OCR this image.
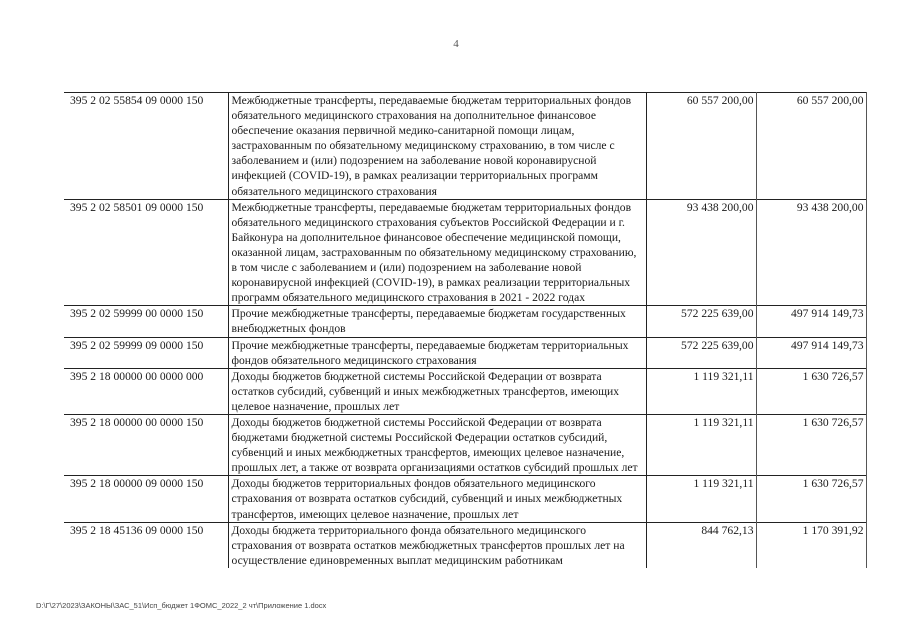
4
395 2 02 55854 09 0000 150	Межбюджетные трансферты, передаваемые бюджетам территориальных фондов обязательного медицинского страхования на дополнительное финансовое обеспечение оказания первичной медико-санитарной помощи лицам, застрахованным по обязательному медицинскому страхованию, в том числе с заболеванием и (или) подозрением на заболевание новой коронавирусной инфекцией (COVID-19), в рамках реализации территориальных программ обязательного медицинского страхования	60 557 200,00	60 557 200,00
395 2 02 58501 09 0000 150	Межбюджетные трансферты, передаваемые бюджетам территориальных фондов обязательного медицинского страхования субъектов Российской Федерации и г. Байконура на дополнительное финансовое обеспечение медицинской помощи, оказанной лицам, застрахованным по обязательному медицинскому страхованию, в том числе с заболеванием и (или) подозрением на заболевание новой коронавирусной инфекцией (COVID-19), в рамках реализации территориальных программ обязательного медицинского страхования в 2021 - 2022 годах	93 438 200,00	93 438 200,00
395 2 02 59999 00 0000 150	Прочие межбюджетные трансферты, передаваемые бюджетам государственных внебюджетных фондов	572 225 639,00	497 914 149,73
395 2 02 59999 09 0000 150	Прочие межбюджетные трансферты, передаваемые бюджетам территориальных фондов обязательного медицинского страхования	572 225 639,00	497 914 149,73
395 2 18 00000 00 0000 000	Доходы бюджетов бюджетной системы Российской Федерации от возврата остатков субсидий, субвенций и иных межбюджетных трансфертов, имеющих целевое назначение, прошлых лет	1 119 321,11	1 630 726,57
395 2 18 00000 00 0000 150	Доходы бюджетов бюджетной системы Российской Федерации от возврата бюджетами бюджетной системы Российской Федерации остатков субсидий, субвенций и иных межбюджетных трансфертов, имеющих целевое назначение, прошлых лет, а также от возврата организациями остатков субсидий прошлых лет	1 119 321,11	1 630 726,57
395 2 18 00000 09 0000 150	Доходы бюджетов территориальных фондов обязательного медицинского страхования от возврата остатков субсидий, субвенций и иных межбюджетных трансфертов, имеющих целевое назначение, прошлых лет	1 119 321,11	1 630 726,57
395 2 18 45136 09 0000 150	Доходы бюджета территориального фонда обязательного медицинского страхования от возврата остатков межбюджетных трансфертов прошлых лет на осуществление единовременных выплат медицинским работникам	844 762,13	1 170 391,92
D:\Г\27\2023\ЗАКОНЫ\ЗАС_51\Исп_бюджет 1ФОМС_2022_2 чт\Приложение 1.docx
